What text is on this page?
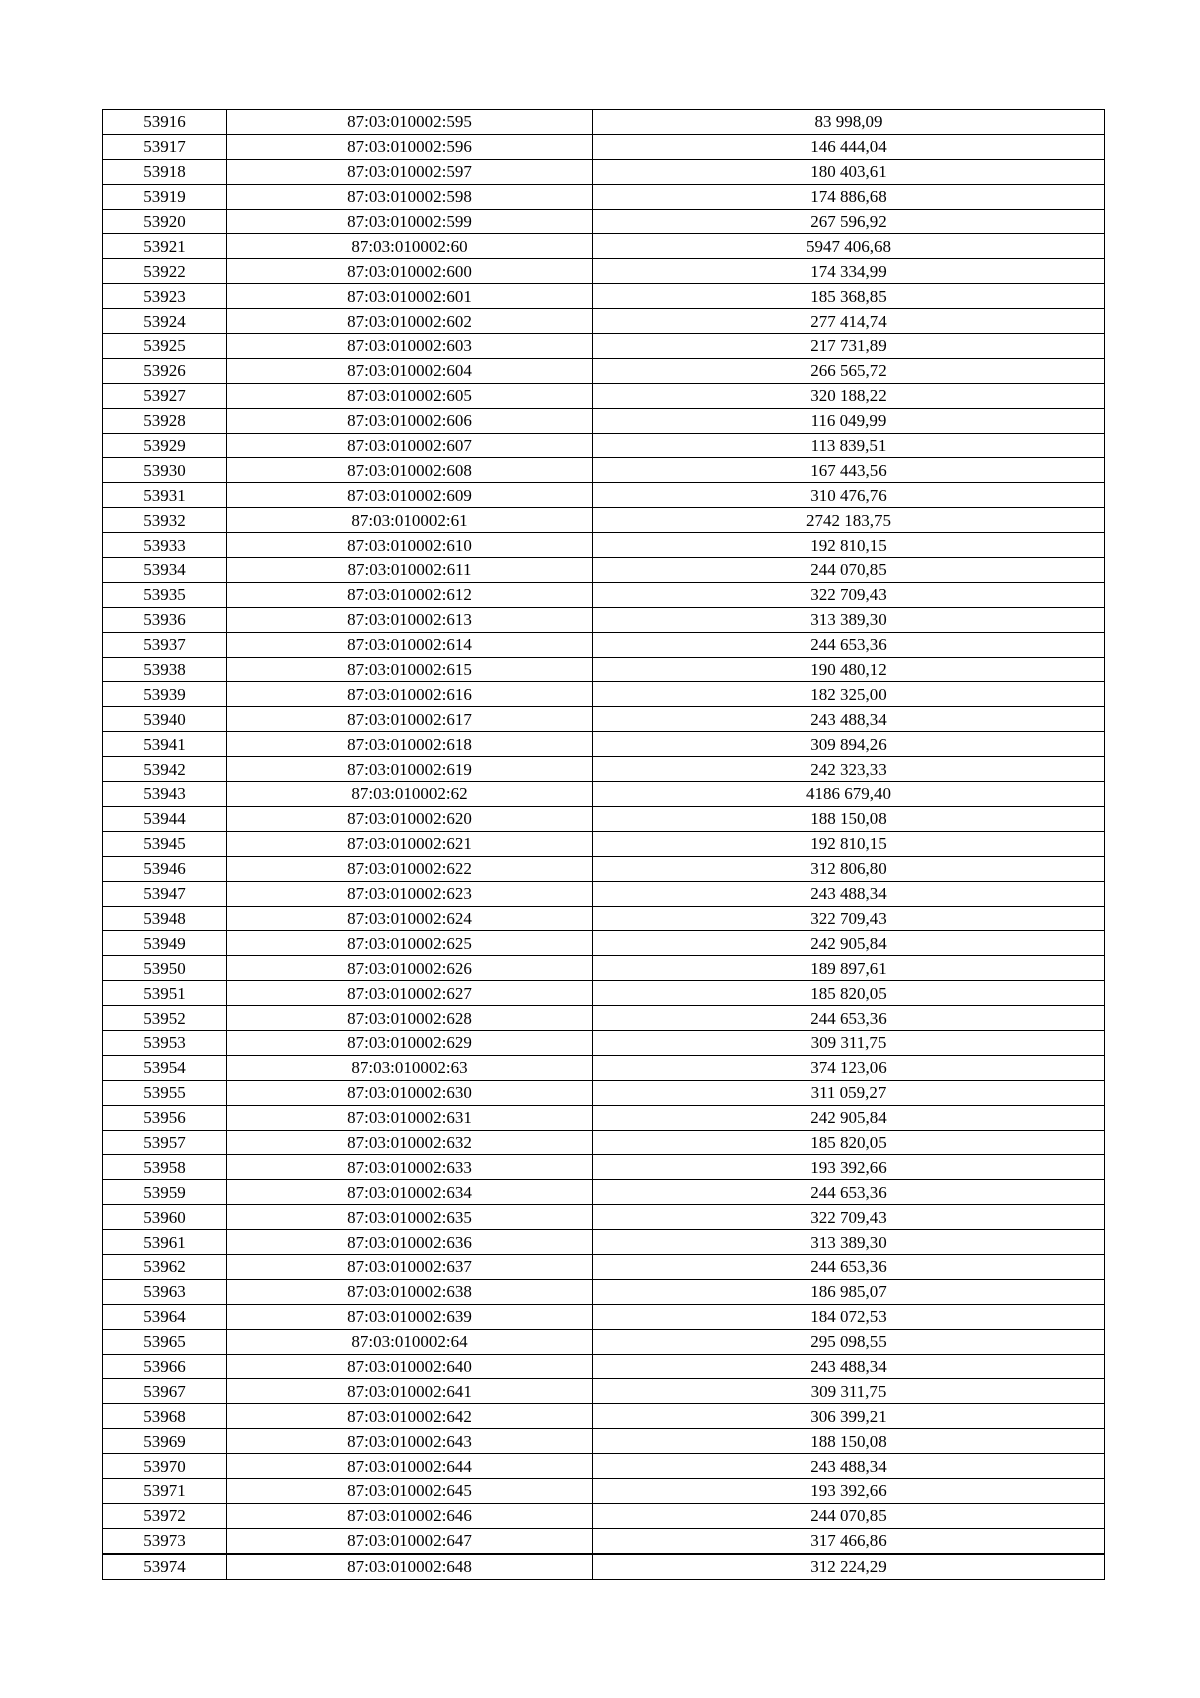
53916	87:03:010002:595	83 998,09
53917	87:03:010002:596	146 444,04
53918	87:03:010002:597	180 403,61
53919	87:03:010002:598	174 886,68
53920	87:03:010002:599	267 596,92
53921	87:03:010002:60	5947 406,68
53922	87:03:010002:600	174 334,99
53923	87:03:010002:601	185 368,85
53924	87:03:010002:602	277 414,74
53925	87:03:010002:603	217 731,89
53926	87:03:010002:604	266 565,72
53927	87:03:010002:605	320 188,22
53928	87:03:010002:606	116 049,99
53929	87:03:010002:607	113 839,51
53930	87:03:010002:608	167 443,56
53931	87:03:010002:609	310 476,76
53932	87:03:010002:61	2742 183,75
53933	87:03:010002:610	192 810,15
53934	87:03:010002:611	244 070,85
53935	87:03:010002:612	322 709,43
53936	87:03:010002:613	313 389,30
53937	87:03:010002:614	244 653,36
53938	87:03:010002:615	190 480,12
53939	87:03:010002:616	182 325,00
53940	87:03:010002:617	243 488,34
53941	87:03:010002:618	309 894,26
53942	87:03:010002:619	242 323,33
53943	87:03:010002:62	4186 679,40
53944	87:03:010002:620	188 150,08
53945	87:03:010002:621	192 810,15
53946	87:03:010002:622	312 806,80
53947	87:03:010002:623	243 488,34
53948	87:03:010002:624	322 709,43
53949	87:03:010002:625	242 905,84
53950	87:03:010002:626	189 897,61
53951	87:03:010002:627	185 820,05
53952	87:03:010002:628	244 653,36
53953	87:03:010002:629	309 311,75
53954	87:03:010002:63	374 123,06
53955	87:03:010002:630	311 059,27
53956	87:03:010002:631	242 905,84
53957	87:03:010002:632	185 820,05
53958	87:03:010002:633	193 392,66
53959	87:03:010002:634	244 653,36
53960	87:03:010002:635	322 709,43
53961	87:03:010002:636	313 389,30
53962	87:03:010002:637	244 653,36
53963	87:03:010002:638	186 985,07
53964	87:03:010002:639	184 072,53
53965	87:03:010002:64	295 098,55
53966	87:03:010002:640	243 488,34
53967	87:03:010002:641	309 311,75
53968	87:03:010002:642	306 399,21
53969	87:03:010002:643	188 150,08
53970	87:03:010002:644	243 488,34
53971	87:03:010002:645	193 392,66
53972	87:03:010002:646	244 070,85
53973	87:03:010002:647	317 466,86
53974	87:03:010002:648	312 224,29
